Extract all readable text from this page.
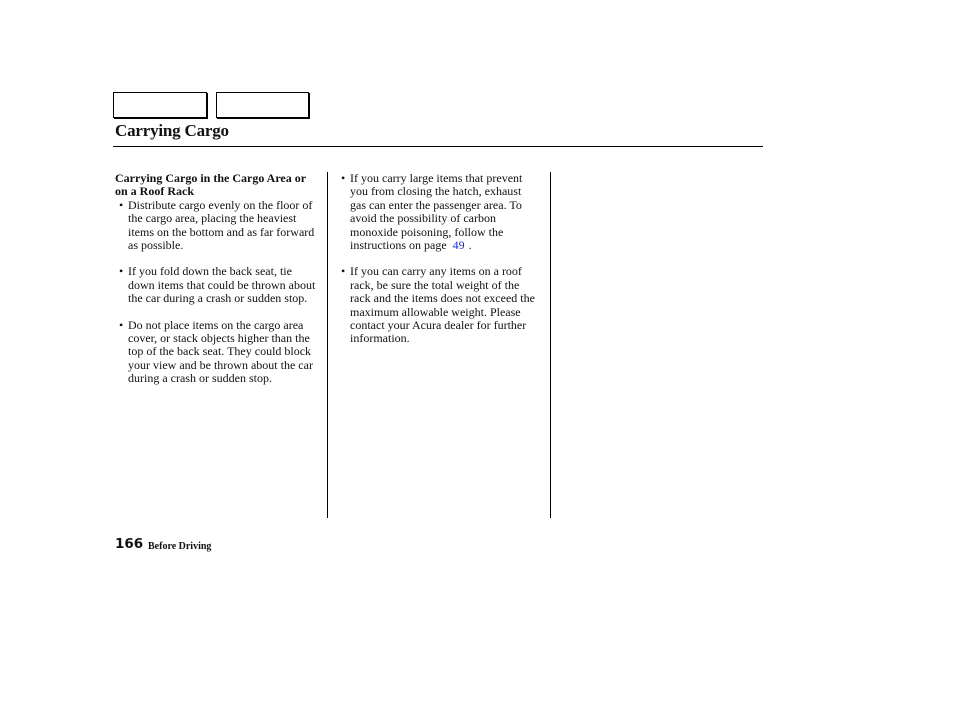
Carrying Cargo

Carrying Cargo in the Cargo Area or on a Roof Rack

• Distribute cargo evenly on the floor of the cargo area, placing the heaviest items on the bottom and as far forward as possible.
• If you fold down the back seat, tie down items that could be thrown about the car during a crash or sudden stop.
• Do not place items on the cargo area cover, or stack objects higher than the top of the back seat. They could block your view and be thrown about the car during a crash or sudden stop.
• If you carry large items that prevent you from closing the hatch, exhaust gas can enter the passenger area. To avoid the possibility of carbon monoxide poisoning, follow the instructions on page 49 .
• If you can carry any items on a roof rack, be sure the total weight of the rack and the items does not exceed the maximum allowable weight. Please contact your Acura dealer for further information.
166 Before Driving
